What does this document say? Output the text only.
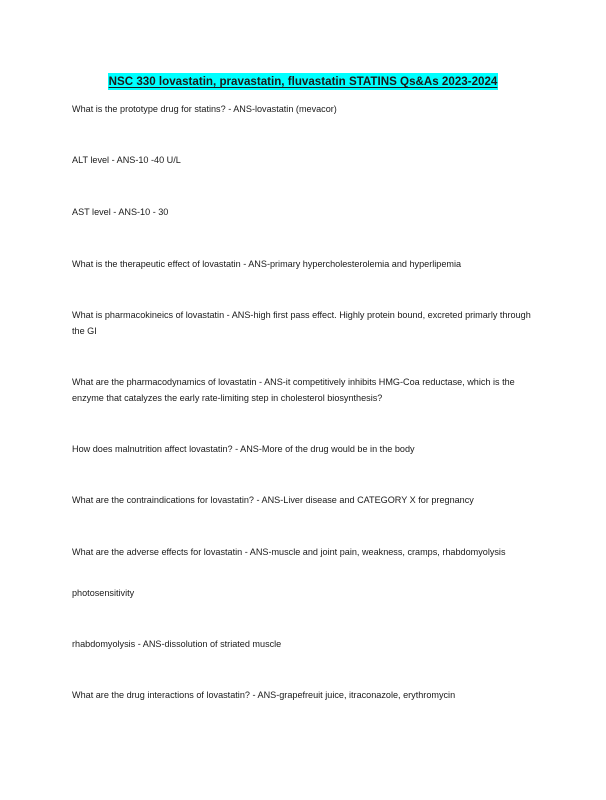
NSC 330 lovastatin, pravastatin, fluvastatin STATINS Qs&As 2023-2024

What is the prototype drug for statins? - ANS-lovastatin (mevacor)

ALT level - ANS-10 -40 U/L

AST level - ANS-10 - 30

What is the therapeutic effect of lovastatin - ANS-primary hypercholesterolemia and hyperlipemia

What is pharmacokineics of lovastatin - ANS-high first pass effect. Highly protein bound, excreted primarly through the GI

What are the pharmacodynamics of lovastatin - ANS-it competitively inhibits HMG-Coa reductase, which is the enzyme that catalyzes the early rate-limiting step in cholesterol biosynthesis?

How does malnutrition affect lovastatin? - ANS-More of the drug would be in the body

What are the contraindications for lovastatin? - ANS-Liver disease and CATEGORY X for pregnancy

What are the adverse effects for lovastatin - ANS-muscle and joint pain, weakness, cramps, rhabdomyolysis

photosensitivity

rhabdomyolysis - ANS-dissolution of striated muscle

What are the drug interactions of lovastatin? - ANS-grapefreuit juice, itraconazole, erythromycin
